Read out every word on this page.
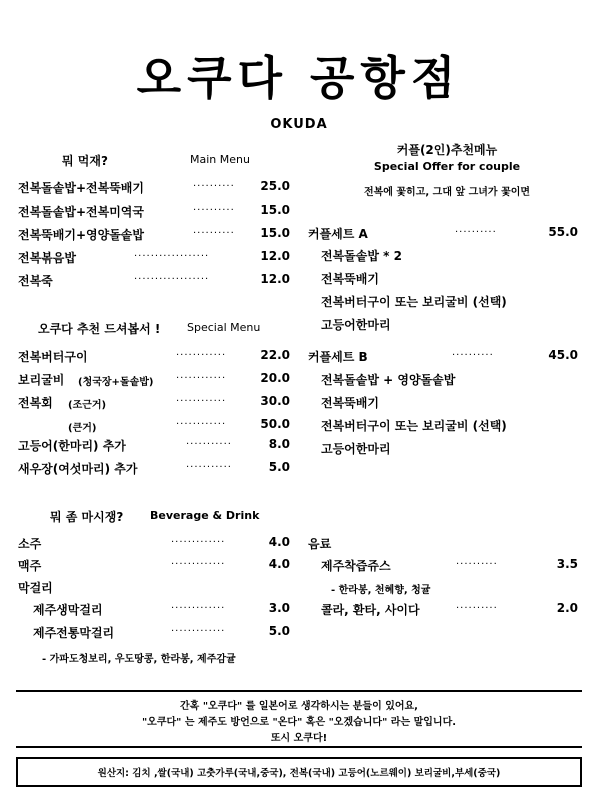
오쿠다 공항점
OKUDA
뭐 먹재?	Main Menu
전복돌솥밥+전복뚝배기	··········	25.0
전복돌솥밥+전복미역국	··········	15.0
전복뚝배기+영양돌솥밥	··········	15.0
전복볶음밥	··················	12.0
전복죽	··················	12.0
오쿠다 추천 드셔봅서 ! Special Menu
전복버터구이	············	22.0
보리굴비 (청국장+돌솥밥) ············	20.0
전복회 (조근거)	············	30.0
(큰거)	············	50.0
고등어(한마리) 추가	···········	8.0
새우장(여섯마리) 추가	···········	5.0
커플(2인)추천메뉴
Special Offer for couple
전복에 꽃히고, 그대 앞 그녀가 꽃이면
커플세트 A	··········	55.0
전복돌솥밥 * 2
전복뚝배기
전복버터구이 또는 보리굴비 (선택)
고등어한마리
커플세트 B	··········	45.0
전복돌솥밥 + 영양돌솥밥
전복뚝배기
전복버터구이 또는 보리굴비 (선택)
고등어한마리
뭐 좀 마시쟁? Beverage & Drink
소주	·············	4.0
맥주	·············	4.0
막걸리
제주생막걸리	·············	3.0
제주전통막걸리	·············	5.0
- 가파도청보리, 우도땅콩, 한라봉, 제주감귤
음료
제주착즙쥬스	··········	3.5
- 한라봉, 천혜향, 청귤
콜라, 환타, 사이다	··········	2.0
간혹 "오쿠다" 를 일본어로 생각하시는 분들이 있어요,
"오쿠다" 는 제주도 방언으로 "온다" 혹은 "오겠습니다" 라는 말입니다.
또시 오쿠다!
원산지: 김치 ,쌀(국내) 고춧가루(국내,중국), 전복(국내) 고등어(노르웨이) 보리굴비,부세(중국)
